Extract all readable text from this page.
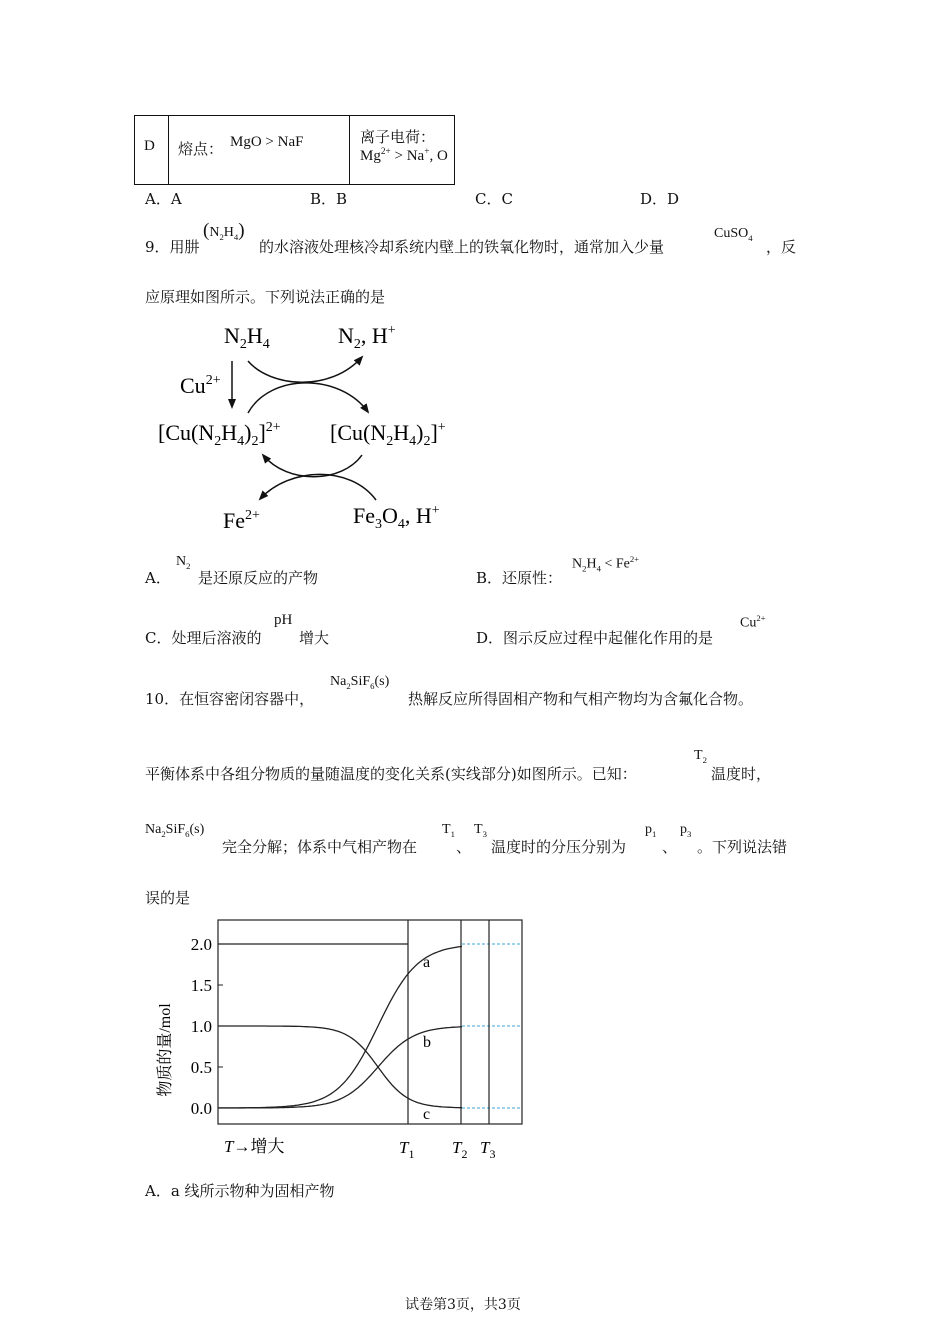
D 熔点： MgO > NaF	离子电荷：
$Mg^{2+} > Na^+$, O
A．A	B．B	C．C	D．D
9．用肼
$(N_2H_4)$
的水溶液处理核冷却系统内壁上的铁氧化物时，通常加入少量
CuSO$_4$
，反
应原理如图所示。下列说法正确的是
$N_2H_4$	$N_2$, H+
$Cu^{2+}$
$[Cu(N_2H_4)_2]^{2+}$ $[Cu(N_2H_4)_2]^+$
$Fe^{2+}$	$Fe_3O_4$, H+
A．
$N_2$
是还原反应的产物	B．还原性：
$N_2H_4 < Fe^{2+}$
C．处理后溶液的
pH
增大	D．图示反应过程中起催化作用的是
$Cu^{2+}$
10．在恒容密闭容器中，
$Na_2SiF_6(s)$
热解反应所得固相产物和气相产物均为含氟化合物。
平衡体系中各组分物质的量随温度的变化关系(实线部分)如图所示。已知：
$T_2$
温度时，
$Na_2SiF_6(s)$
完全分解；体系中气相产物在
$T_1$
、
$T_3$
温度时的分压分别为
$p_1$
、
$p_3$
。下列说法错
误的是
0.0
0.5
1.0
1.5
2.0
a
b
c
$T_1$ $T_2$ $T_3$
物质的量/mol
T→增大
A．a 线所示物种为固相产物
试卷第3页，共3页
